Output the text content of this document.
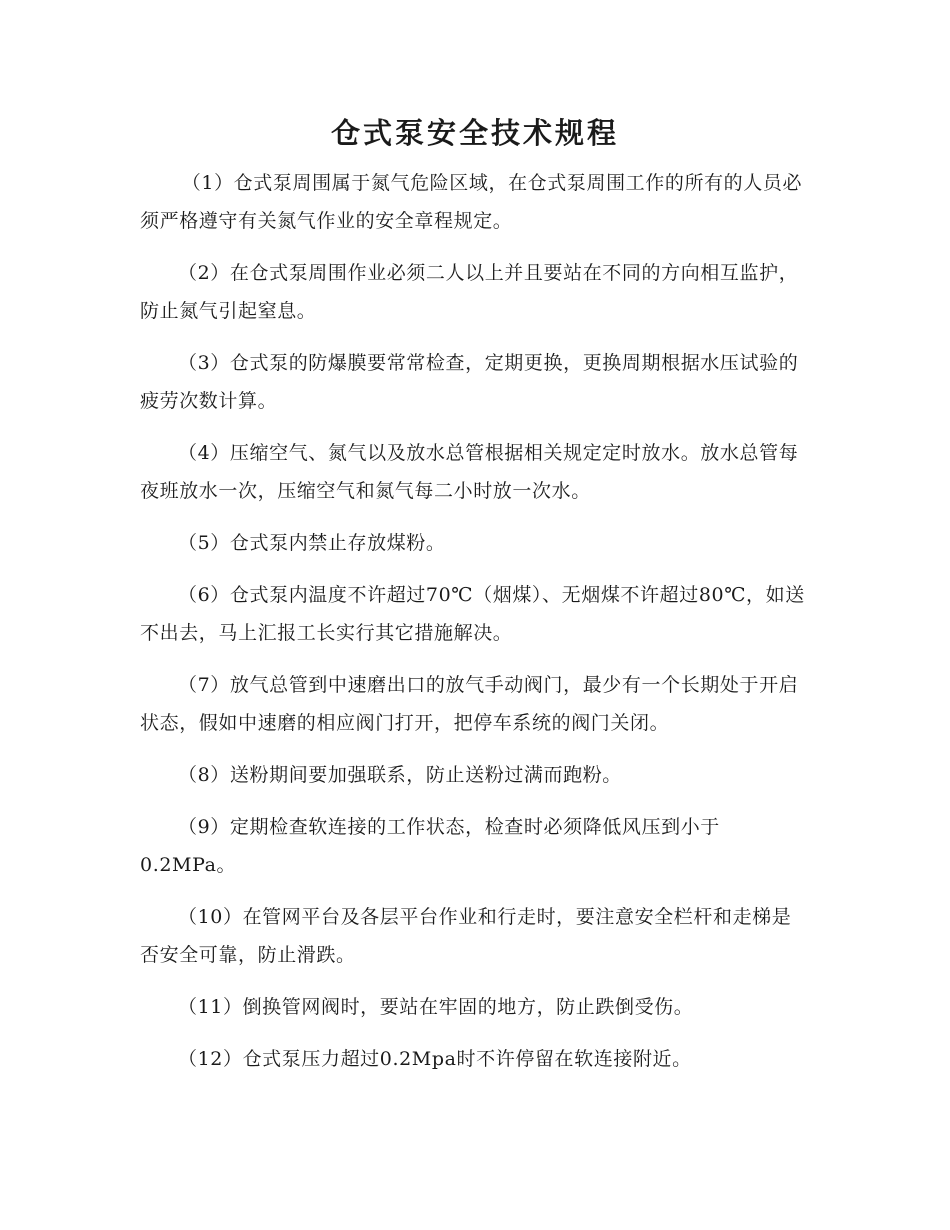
仓式泵安全技术规程

（1）仓式泵周围属于氮气危险区域，在仓式泵周围工作的所有的人员必须严格遵守有关氮气作业的安全章程规定。

（2）在仓式泵周围作业必须二人以上并且要站在不同的方向相互监护，防止氮气引起窒息。

（3）仓式泵的防爆膜要常常检查，定期更换，更换周期根据水压试验的疲劳次数计算。

（4）压缩空气、氮气以及放水总管根据相关规定定时放水。放水总管每夜班放水一次，压缩空气和氮气每二小时放一次水。

（5）仓式泵内禁止存放煤粉。

（6）仓式泵内温度不许超过70℃（烟煤）、无烟煤不许超过80℃，如送不出去，马上汇报工长实行其它措施解决。

（7）放气总管到中速磨出口的放气手动阀门，最少有一个长期处于开启状态，假如中速磨的相应阀门打开，把停车系统的阀门关闭。

（8）送粉期间要加强联系，防止送粉过满而跑粉。

（9）定期检查软连接的工作状态，检查时必须降低风压到小于0.2MPa。

（10）在管网平台及各层平台作业和行走时，要注意安全栏杆和走梯是否安全可靠，防止滑跌。

（11）倒换管网阀时，要站在牢固的地方，防止跌倒受伤。

（12）仓式泵压力超过0.2Mpa时不许停留在软连接附近。
